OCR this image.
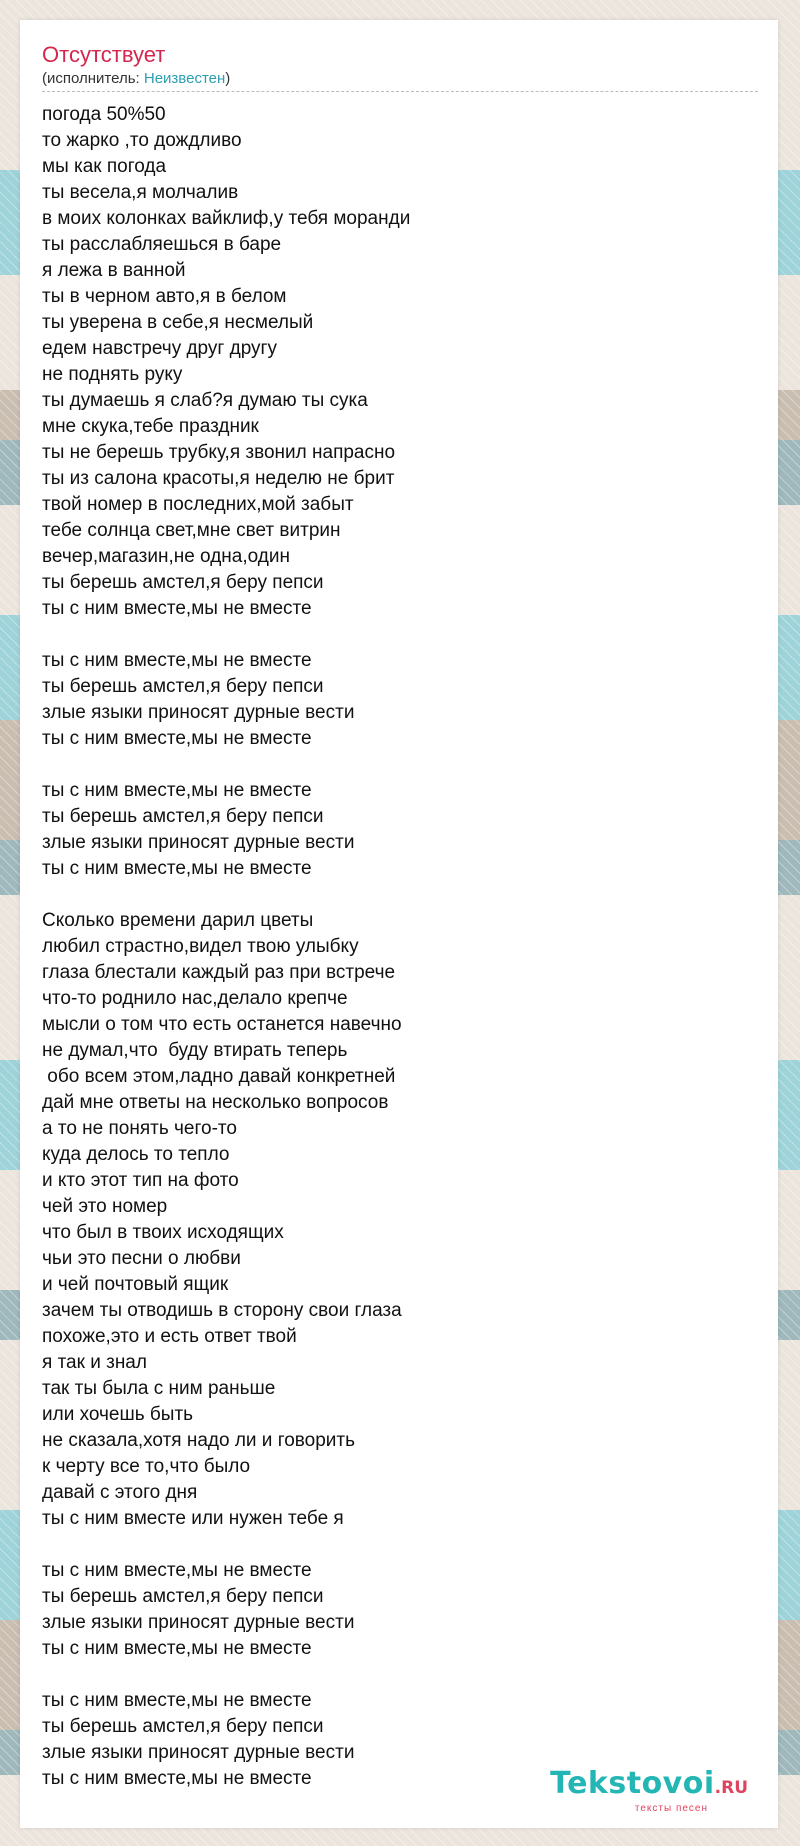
Отсутствует
(исполнитель: Неизвестен)
погода 50%50
то жарко ,то дождливо
мы как погода
ты весела,я молчалив
в моих колонках вайклиф,у тебя моранди
ты расслабляешься в баре
я лежа в ванной
ты в черном авто,я в белом
ты уверена в себе,я несмелый
едем навстречу друг другу
не поднять руку
ты думаешь я слаб?я думаю ты сука
мне скука,тебе праздник
ты не берешь трубку,я звонил напрасно
ты из салона красоты,я неделю не брит
твой номер в последних,мой забыт
тебе солнца свет,мне свет витрин
вечер,магазин,не одна,один
ты берешь амстел,я беру пепси
ты с ним вместе,мы не вместе
ты с ним вместе,мы не вместе
ты берешь амстел,я беру пепси
злые языки приносят дурные вести
ты с ним вместе,мы не вместе
ты с ним вместе,мы не вместе
ты берешь амстел,я беру пепси
злые языки приносят дурные вести
ты с ним вместе,мы не вместе
Сколько времени дарил цветы
любил страстно,видел твою улыбку
глаза блестали каждый раз при встрече
что-то роднило нас,делало крепче
мысли о том что есть останется навечно
не думал,что  буду втирать теперь
обо всем этом,ладно давай конкретней
дай мне ответы на несколько вопросов
а то не понять чего-то
куда делось то тепло
и кто этот тип на фото
чей это номер
что был в твоих исходящих
чьи это песни о любви
и чей почтовый ящик
зачем ты отводишь в сторону свои глаза
похоже,это и есть ответ твой
я так и знал
так ты была с ним раньше
или хочешь быть
не сказала,хотя надо ли и говорить
к черту все то,что было
давай с этого дня
ты с ним вместе или нужен тебе я
ты с ним вместе,мы не вместе
ты берешь амстел,я беру пепси
злые языки приносят дурные вести
ты с ним вместе,мы не вместе
ты с ним вместе,мы не вместе
ты берешь амстел,я беру пепси
злые языки приносят дурные вести
ты с ним вместе,мы не вместе	Tekstovoi.RU
тексты песен
